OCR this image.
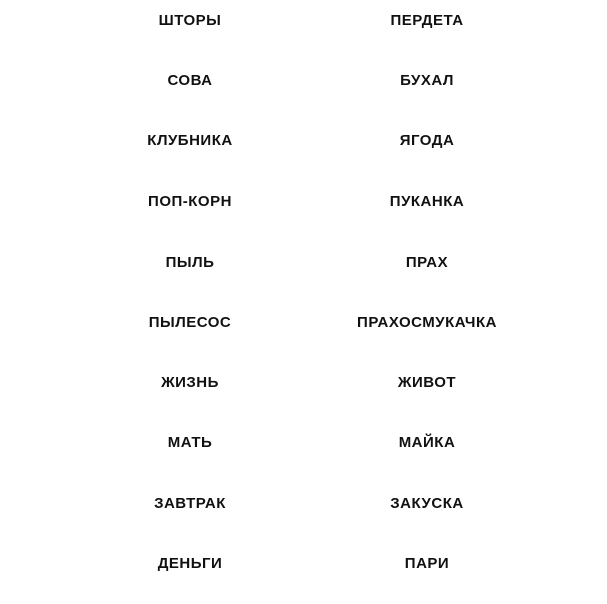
ШТОРЫ	ПЕРДЕТА
СОВА	БУХАЛ
КЛУБНИКА	ЯГОДА
ПОП-КОРН	ПУКАНКА
ПЫЛЬ	ПРАХ
ПЫЛЕСОС	ПРАХОСМУКАЧКА
ЖИЗНЬ	ЖИВОТ
МАТЬ	МАЙКА
ЗАВТРАК	ЗАКУСКА
ДЕНЬГИ	ПАРИ
